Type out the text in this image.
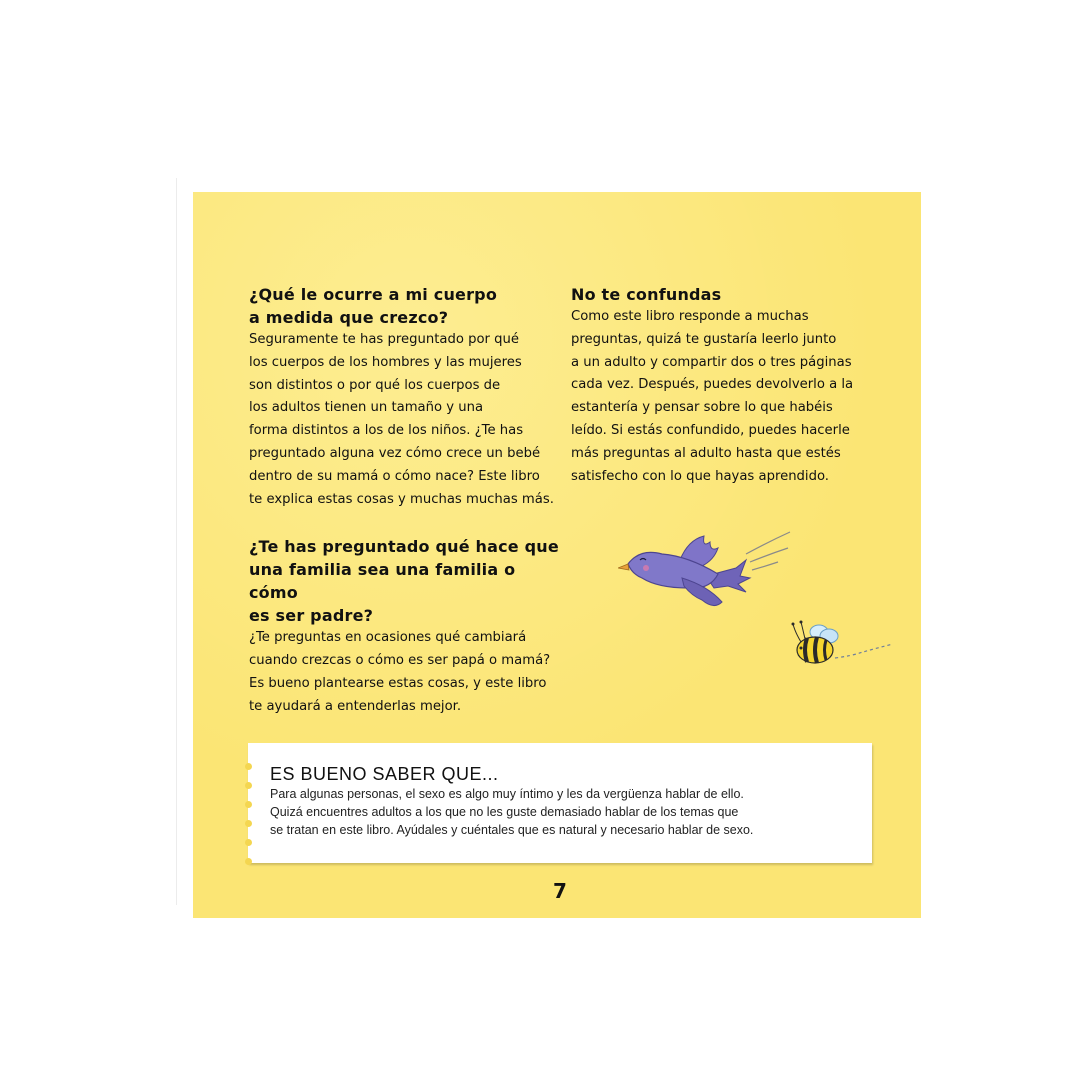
¿Qué le ocurre a mi cuerpo
a medida que crezco?

Seguramente te has preguntado por qué
los cuerpos de los hombres y las mujeres
son distintos o por qué los cuerpos de
los adultos tienen un tamaño y una
forma distintos a los de los niños. ¿Te has
preguntado alguna vez cómo crece un bebé
dentro de su mamá o cómo nace? Este libro
te explica estas cosas y muchas muchas más.

¿Te has preguntado qué hace que
una familia sea una familia o cómo
es ser padre?

¿Te preguntas en ocasiones qué cambiará
cuando crezcas o cómo es ser papá o mamá?
Es bueno plantearse estas cosas, y este libro
te ayudará a entenderlas mejor.

No te confundas

Como este libro responde a muchas
preguntas, quizá te gustaría leerlo junto
a un adulto y compartir dos o tres páginas
cada vez. Después, puedes devolverlo a la
estantería y pensar sobre lo que habéis
leído. Si estás confundido, puedes hacerle
más preguntas al adulto hasta que estés
satisfecho con lo que hayas aprendido.

7

ES BUENO SABER QUE...

Para algunas personas, el sexo es algo muy íntimo y les da vergüenza hablar de ello.
Quizá encuentres adultos a los que no les guste demasiado hablar de los temas que
se tratan en este libro. Ayúdales y cuéntales que es natural y necesario hablar de sexo.
